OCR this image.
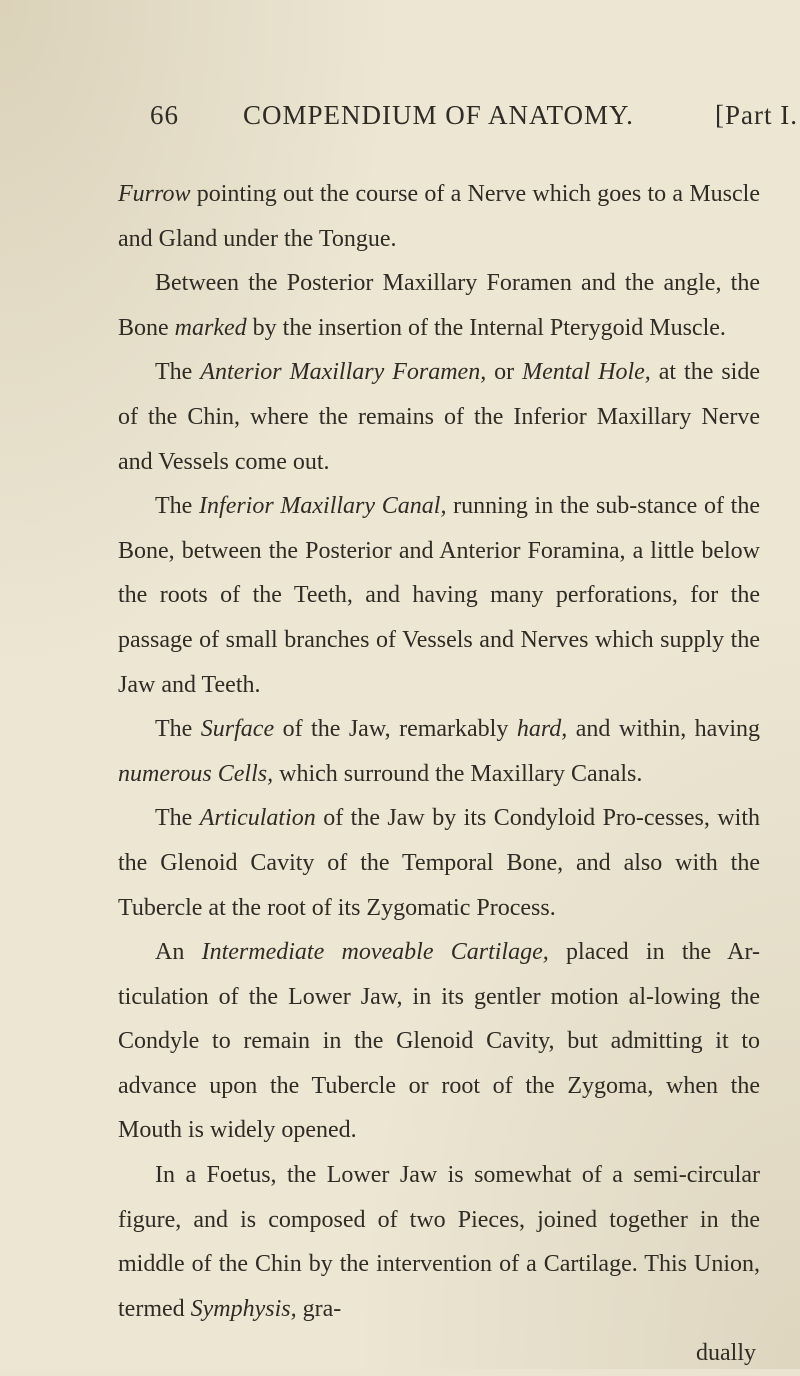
66 COMPENDIUM OF ANATOMY.	[Part I.

Furrow pointing out the course of a Nerve which goes to a Muscle and Gland under the Tongue.

Between the Posterior Maxillary Foramen and the angle, the Bone marked by the insertion of the Internal Pterygoid Muscle.

The Anterior Maxillary Foramen, or Mental Hole, at the side of the Chin, where the remains of the Inferior Maxillary Nerve and Vessels come out.

The Inferior Maxillary Canal, running in the sub-stance of the Bone, between the Posterior and Anterior Foramina, a little below the roots of the Teeth, and having many perforations, for the passage of small branches of Vessels and Nerves which supply the Jaw and Teeth.

The Surface of the Jaw, remarkably hard, and within, having numerous Cells, which surround the Maxillary Canals.

The Articulation of the Jaw by its Condyloid Pro-cesses, with the Glenoid Cavity of the Temporal Bone, and also with the Tubercle at the root of its Zygomatic Process.

An Intermediate moveable Cartilage, placed in the Ar-ticulation of the Lower Jaw, in its gentler motion al-lowing the Condyle to remain in the Glenoid Cavity, but admitting it to advance upon the Tubercle or root of the Zygoma, when the Mouth is widely opened.

In a Foetus, the Lower Jaw is somewhat of a semi-circular figure, and is composed of two Pieces, joined together in the middle of the Chin by the intervention of a Cartilage. This Union, termed Symphysis, gra-

dually
